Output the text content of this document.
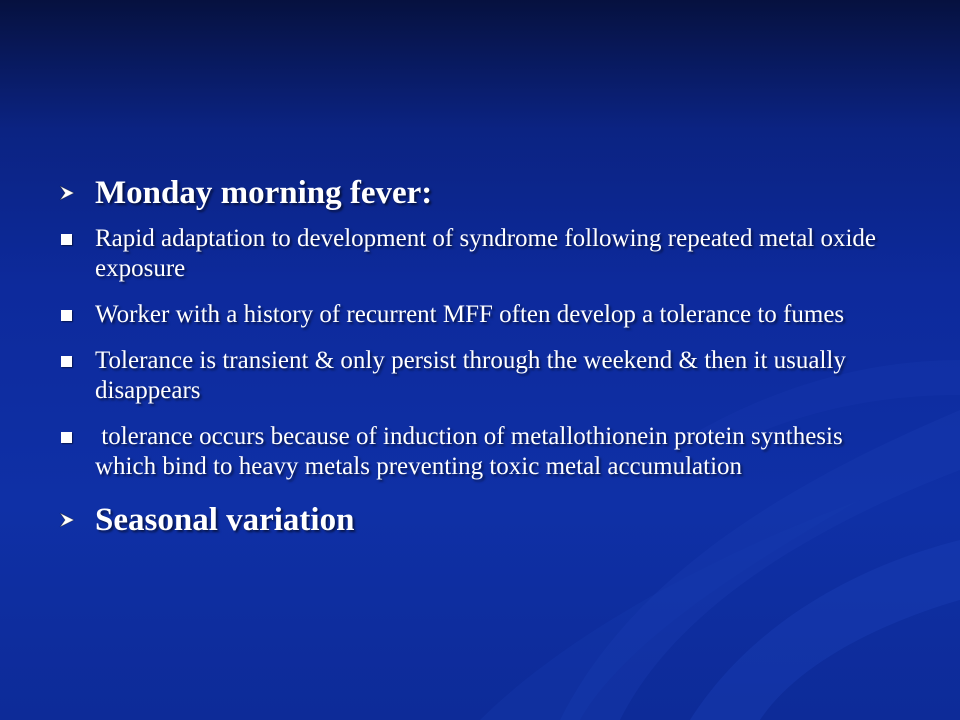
Monday morning fever:
Rapid adaptation to development of syndrome following repeated metal oxide exposure
Worker with a history of recurrent MFF often develop a tolerance to fumes
Tolerance is transient & only persist through the weekend & then it usually disappears
tolerance occurs because of induction of metallothionein protein synthesis which bind to heavy metals preventing toxic metal accumulation
Seasonal variation
